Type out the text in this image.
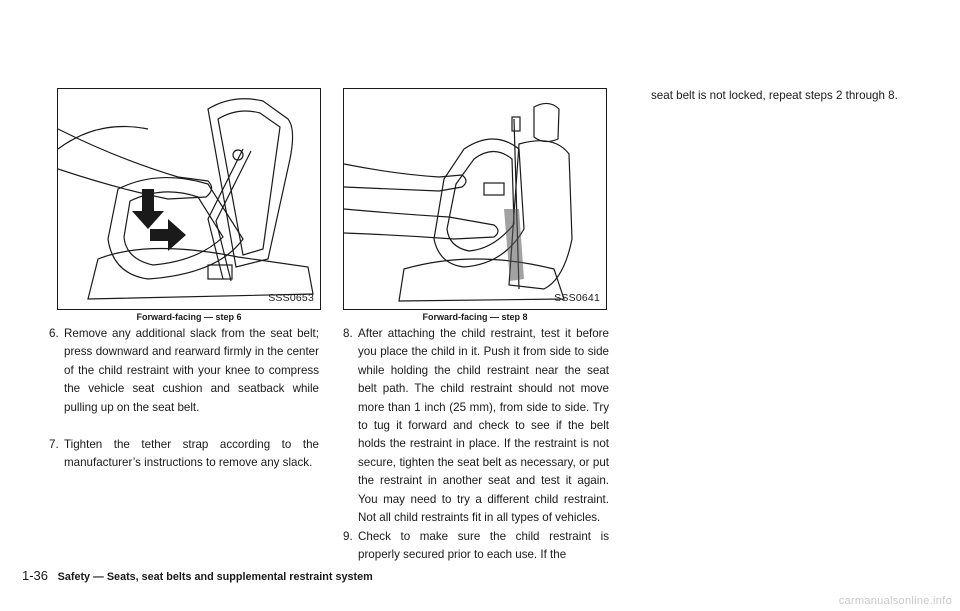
SSS0653
Forward-facing — step 6
SSS0641
Forward-facing — step 8
6. Remove any additional slack from the seat belt; press downward and rearward firmly in the center of the child restraint with your knee to compress the vehicle seat cushion and seatback while pulling up on the seat belt.
7. Tighten the tether strap according to the manufacturer’s instructions to remove any slack.
8. After attaching the child restraint, test it before you place the child in it. Push it from side to side while holding the child restraint near the seat belt path. The child restraint should not move more than 1 inch (25 mm), from side to side. Try to tug it forward and check to see if the belt holds the restraint in place. If the restraint is not secure, tighten the seat belt as necessary, or put the restraint in another seat and test it again. You may need to try a different child restraint. Not all child restraints fit in all types of vehicles.
9. Check to make sure the child restraint is properly secured prior to each use. If the
seat belt is not locked, repeat steps 2 through 8.
1-36 Safety — Seats, seat belts and supplemental restraint system
carmanualsonline.info
